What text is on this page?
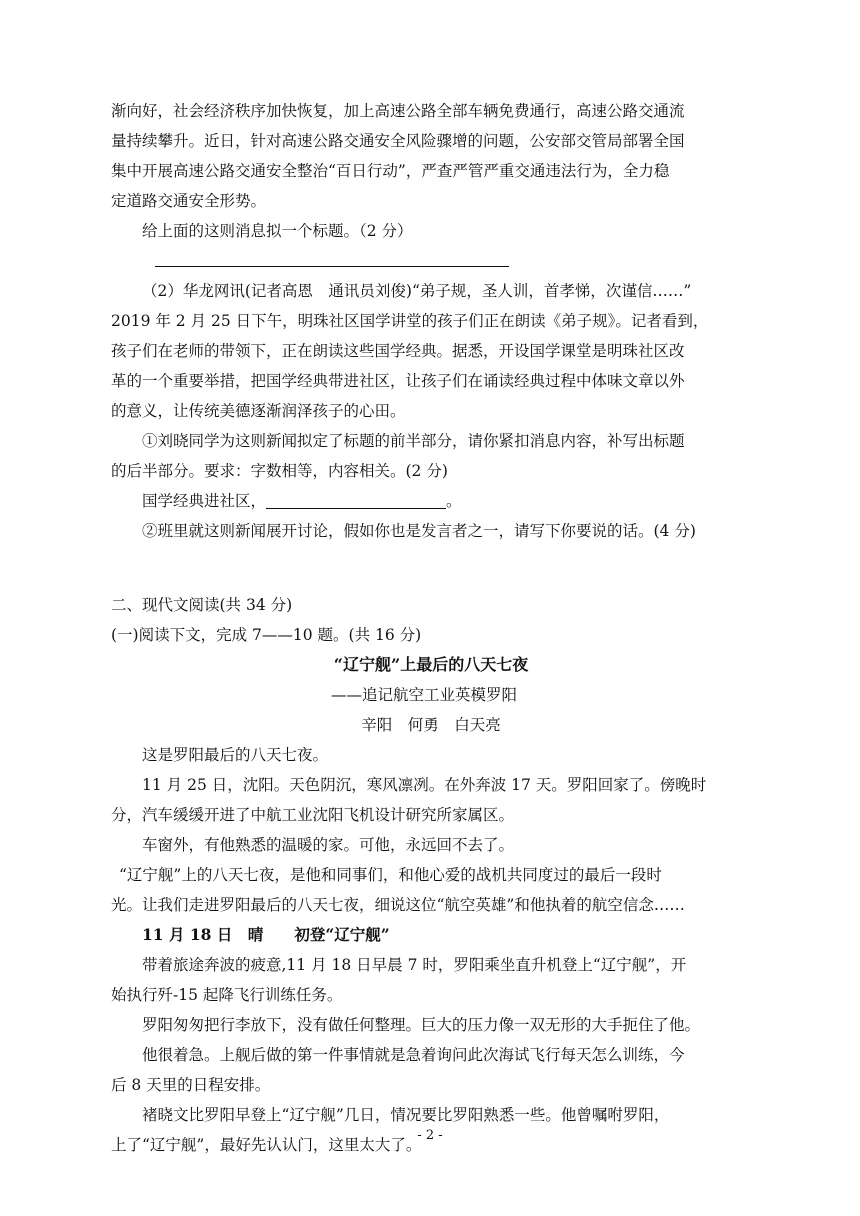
渐向好，社会经济秩序加快恢复，加上高速公路全部车辆免费通行，高速公路交通流

量持续攀升。近日，针对高速公路交通安全风险骤增的问题，公安部交管局部署全国

集中开展高速公路交通安全整治“百日行动”，严查严管严重交通违法行为，全力稳

定道路交通安全形势。

给上面的这则消息拟一个标题。（2 分）

（2）华龙网讯(记者高恩　通讯员刘俊)“弟子规，圣人训，首孝悌，次谨信……”

2019 年 2 月 25 日下午，明珠社区国学讲堂的孩子们正在朗读《弟子规》。记者看到，

孩子们在老师的带领下，正在朗读这些国学经典。据悉，开设国学课堂是明珠社区改

革的一个重要举措，把国学经典带进社区，让孩子们在诵读经典过程中体味文章以外

的意义，让传统美德逐渐润泽孩子的心田。

①刘晓同学为这则新闻拟定了标题的前半部分，请你紧扣消息内容，补写出标题

的后半部分。要求：字数相等，内容相关。(2 分)

国学经典进社区，	。

②班里就这则新闻展开讨论，假如你也是发言者之一，请写下你要说的话。(4 分)

二、现代文阅读(共 34 分)

(一)阅读下文，完成 7——10 题。(共 16 分)

“辽宁舰”上最后的八天七夜

——追记航空工业英模罗阳

辛阳　何勇　白天亮

这是罗阳最后的八天七夜。

11 月 25 日，沈阳。天色阴沉，寒风凛冽。在外奔波 17 天。罗阳回家了。傍晚时

分，汽车缓缓开进了中航工业沈阳飞机设计研究所家属区。

车窗外，有他熟悉的温暖的家。可他，永远回不去了。

“辽宁舰”上的八天七夜，是他和同事们，和他心爱的战机共同度过的最后一段时

光。让我们走进罗阳最后的八天七夜，细说这位“航空英雄”和他执着的航空信念……

11 月 18 日　晴　　初登“辽宁舰”

带着旅途奔波的疲意,11 月 18 日早晨 7 时，罗阳乘坐直升机登上“辽宁舰”，开

始执行歼-15 起降飞行训练任务。

罗阳匆匆把行李放下，没有做任何整理。巨大的压力像一双无形的大手扼住了他。

他很着急。上舰后做的第一件事情就是急着询问此次海试飞行每天怎么训练，今

后 8 天里的日程安排。

褚晓文比罗阳早登上“辽宁舰”几日，情况要比罗阳熟悉一些。他曾嘱咐罗阳，

上了“辽宁舰”，最好先认认门，这里太大了。

- 2 -
